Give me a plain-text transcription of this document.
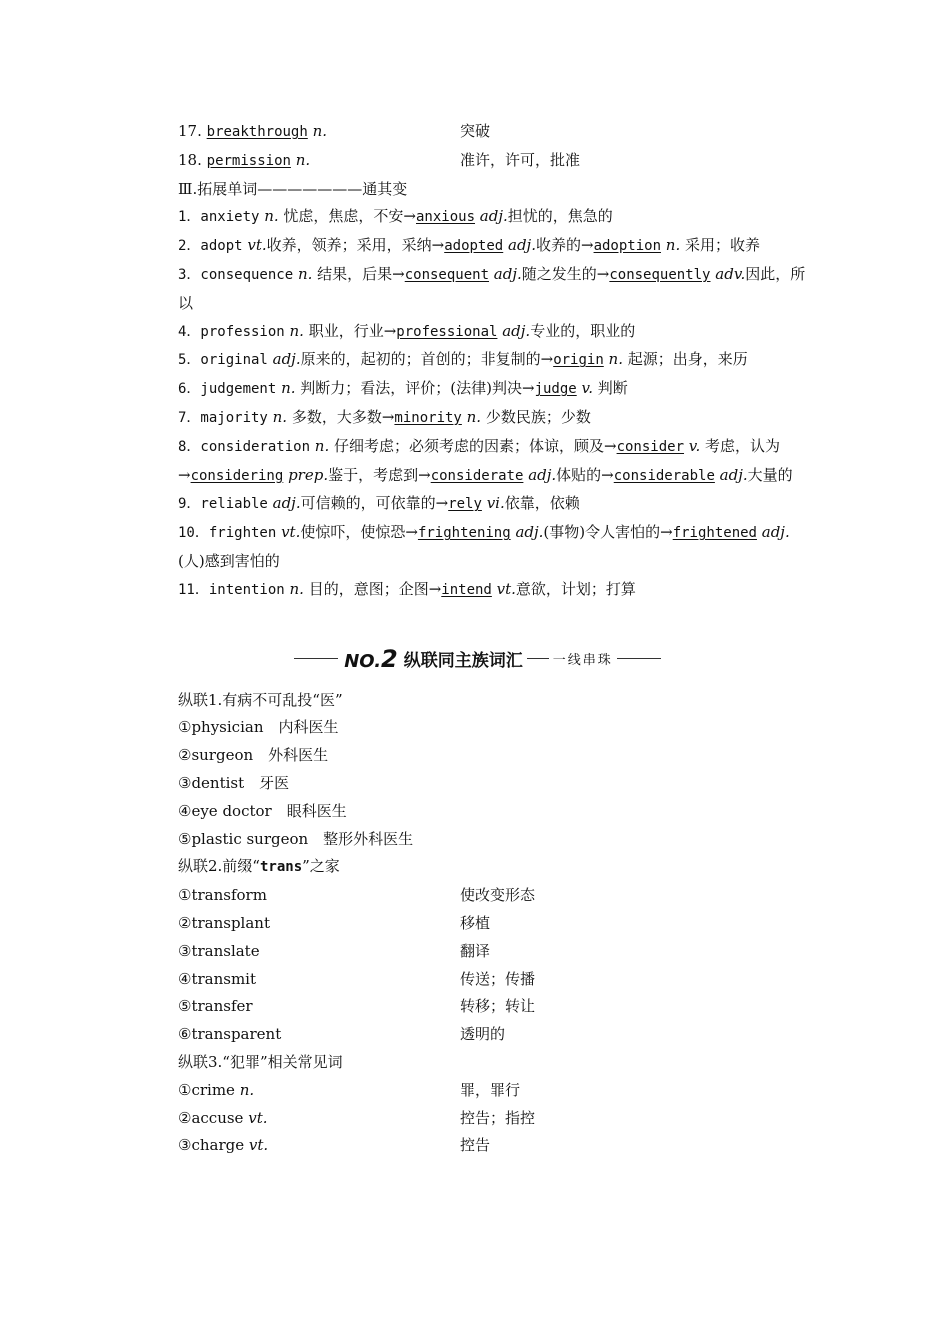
17. breakthrough n.	突破
18. permission n.	准许，许可，批准
Ⅲ.拓展单词———————通其变
1．anxiety n. 忧虑，焦虑，不安→anxious adj.担忧的，焦急的
2．adopt vt.收养，领养；采用，采纳→adopted adj.收养的→adoption n. 采用；收养
3．consequence n. 结果，后果→consequent adj.随之发生的→consequently adv.因此，所以
4．profession n. 职业，行业→professional adj.专业的，职业的
5．original adj.原来的，起初的；首创的；非复制的→origin n. 起源；出身，来历
6．judgement n. 判断力；看法，评价；(法律)判决→judge v. 判断
7．majority n. 多数，大多数→minority n. 少数民族；少数
8．consideration n. 仔细考虑；必须考虑的因素；体谅，顾及→consider v. 考虑，认为→considering prep.鉴于，考虑到→considerate adj.体贴的→considerable adj.大量的
9．reliable adj.可信赖的，可依靠的→rely vi.依靠，依赖
10．frighten vt.使惊吓，使惊恐→frightening adj.(事物)令人害怕的→frightened adj.(人)感到害怕的
11．intention n. 目的，意图；企图→intend vt.意欲，计划；打算
NO.2 纵联同主族词汇 一线串珠
纵联1.有病不可乱投“医”
①physician　内科医生
②surgeon　外科医生
③dentist　牙医
④eye doctor　眼科医生
⑤plastic surgeon　整形外科医生
纵联2.前缀“trans”之家
①transform	使改变形态
②transplant	移植
③translate	翻译
④transmit	传送；传播
⑤transfer	转移；转让
⑥transparent	透明的
纵联3.“犯罪”相关常见词
①crime n.	罪，罪行
②accuse vt.	控告；指控
③charge vt.	控告
